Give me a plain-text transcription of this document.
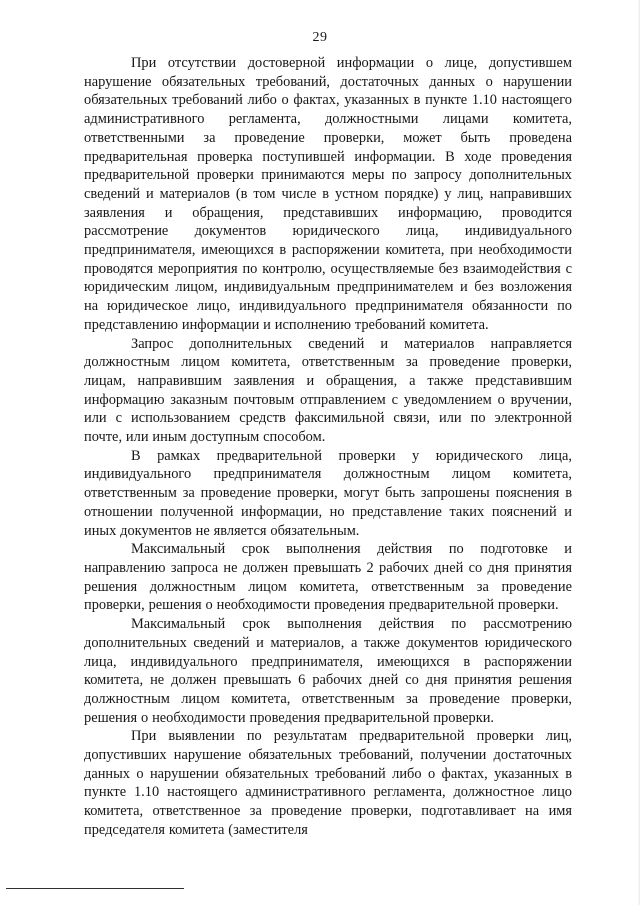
29

При отсутствии достоверной информации о лице, допустившем нарушение обязательных требований, достаточных данных о нарушении обязательных требований либо о фактах, указанных в пункте 1.10 настоящего административного регламента, должностными лицами комитета, ответственными за проведение проверки, может быть проведена предварительная проверка поступившей информации. В ходе проведения предварительной проверки принимаются меры по запросу дополнительных сведений и материалов (в том числе в устном порядке) у лиц, направивших заявления и обращения, представивших информацию, проводится рассмотрение документов юридического лица, индивидуального предпринимателя, имеющихся в распоряжении комитета, при необходимости проводятся мероприятия по контролю, осуществляемые без взаимодействия с юридическим лицом, индивидуальным предпринимателем и без возложения на юридическое лицо, индивидуального предпринимателя обязанности по представлению информации и исполнению требований комитета.

Запрос дополнительных сведений и материалов направляется должностным лицом комитета, ответственным за проведение проверки, лицам, направившим заявления и обращения, а также представившим информацию заказным почтовым отправлением с уведомлением о вручении, или с использованием средств факсимильной связи, или по электронной почте, или иным доступным способом.

В рамках предварительной проверки у юридического лица, индивидуального предпринимателя должностным лицом комитета, ответственным за проведение проверки, могут быть запрошены пояснения в отношении полученной информации, но представление таких пояснений и иных документов не является обязательным.

Максимальный срок выполнения действия по подготовке и направлению запроса не должен превышать 2 рабочих дней со дня принятия решения должностным лицом комитета, ответственным за проведение проверки, решения о необходимости проведения предварительной проверки.

Максимальный срок выполнения действия по рассмотрению дополнительных сведений и материалов, а также документов юридического лица, индивидуального предпринимателя, имеющихся в распоряжении комитета, не должен превышать 6 рабочих дней со дня принятия решения должностным лицом комитета, ответственным за проведение проверки, решения о необходимости проведения предварительной проверки.

При выявлении по результатам предварительной проверки лиц, допустивших нарушение обязательных требований, получении достаточных данных о нарушении обязательных требований либо о фактах, указанных в пункте 1.10 настоящего административного регламента, должностное лицо комитета, ответственное за проведение проверки, подготавливает на имя председателя комитета (заместителя
